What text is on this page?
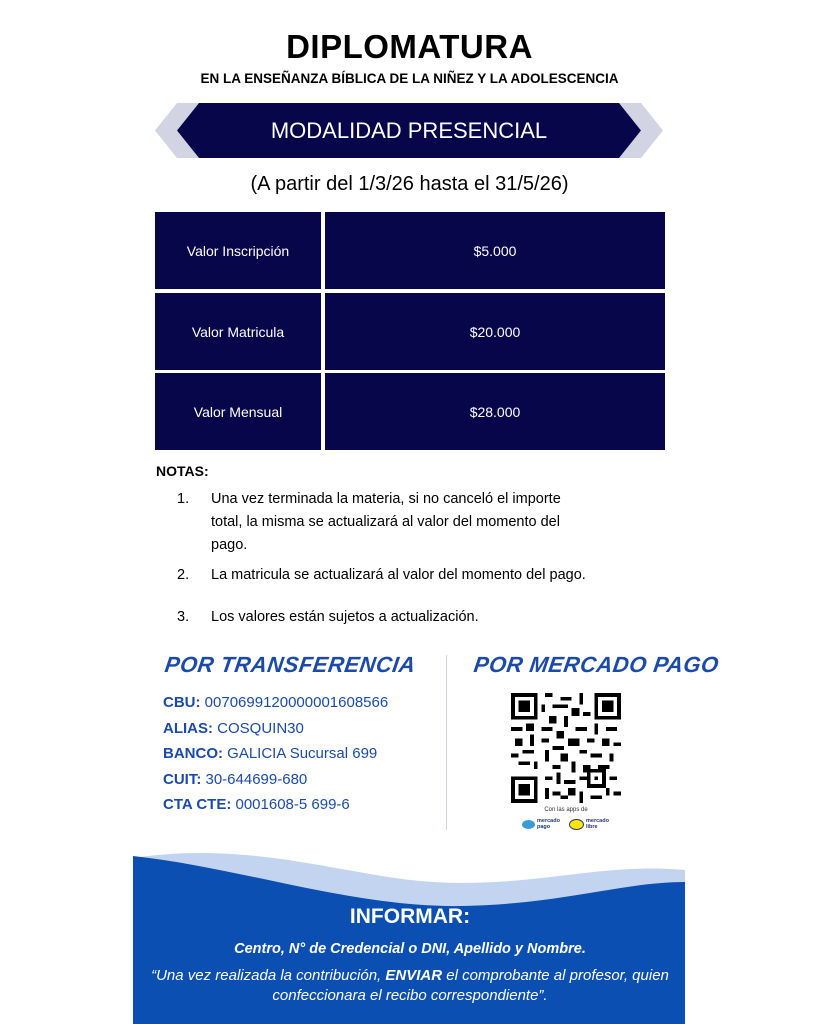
DIPLOMATURA
EN LA ENSEÑANZA BÍBLICA DE LA NIÑEZ Y LA ADOLESCENCIA
MODALIDAD PRESENCIAL
(A partir del 1/3/26 hasta el 31/5/26)
Valor Inscripción	$5.000
Valor Matricula	$20.000
Valor Mensual	$28.000
NOTAS:
1. Una vez terminada la materia, si no canceló el importe
total, la misma se actualizará al valor del momento del
pago.
2. La matricula se actualizará al valor del momento del pago.
3. Los valores están sujetos a actualización.
POR TRANSFERENCIA
CBU: 0070699120000001608566
ALIAS: COSQUIN30
BANCO: GALICIA Sucursal 699
CUIT: 30-644699-680
CTA CTE: 0001608-5 699-6
POR MERCADO PAGO
Con las apps de
mercado pago
mercado libre
INFORMAR:
Centro, N° de Credencial o DNI, Apellido y Nombre.
“Una vez realizada la contribución, ENVIAR el comprobante al profesor, quien confeccionara el recibo correspondiente”.
